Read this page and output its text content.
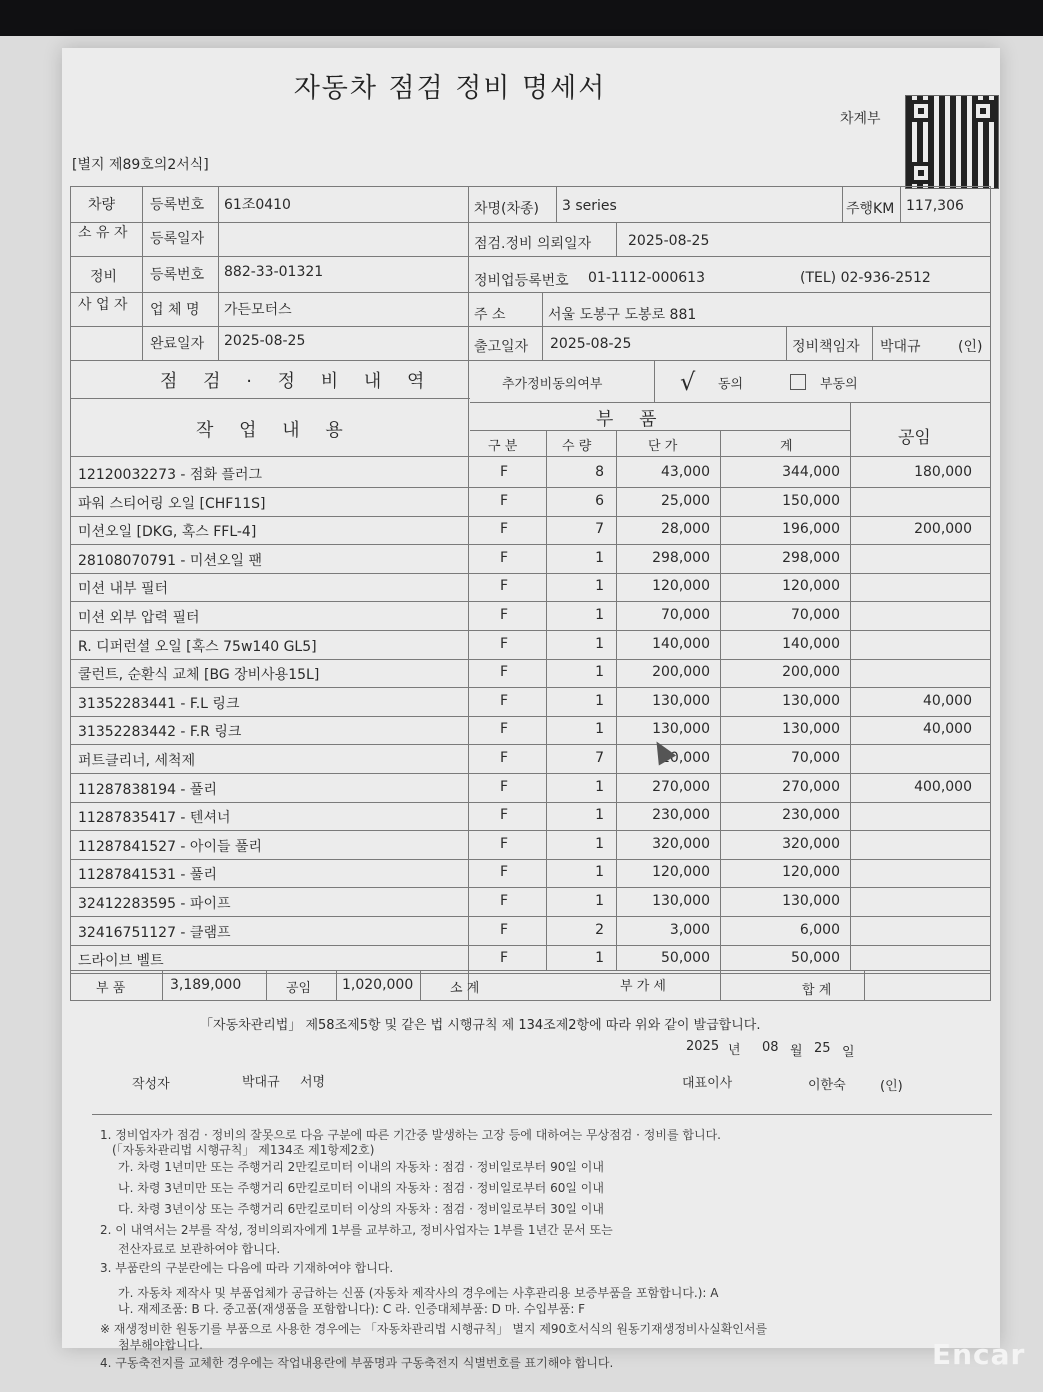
자동차 점검 정비 명세서
차계부
[별지 제89호의2서식]
차량
소 유 자
등록번호 61조0410
등록일자
차명(차종) 3 series	주행KM 117,306
점검.정비 의뢰일자	2025-08-25
정비
사 업 자
등록번호 882-33-01321
업 체 명 가든모터스
완료일자 2025-08-25
정비업등록번호 01-1112-000613	(TEL) 02-936-2512
주 소	서울 도봉구 도봉로 881
출고일자 2025-08-25	정비책임자 박대규	(인)
점 검 · 정 비 내 역	추가정비동의여부	√ 동의	부동의
작 업 내 용
부 품
공임
구 분	수 량	단 가	계
12120032273 - 점화 플러그	F	8	43,000	344,000	180,000
파워 스티어링 오일 [CHF11S]	F	6	25,000	150,000
미션오일 [DKG, 혹스 FFL-4]	F	7	28,000	196,000	200,000
28108070791 - 미션오일 팬	F	1	298,000	298,000
미션 내부 필터	F	1	120,000	120,000
미션 외부 압력 필터	F	1	70,000	70,000
R. 디퍼런셜 오일 [혹스 75w140 GL5]	F	1	140,000	140,000
쿨런트, 순환식 교체 [BG 장비사용15L]	F	1	200,000	200,000
31352283441 - F.L 링크	F	1	130,000	130,000	40,000
31352283442 - F.R 링크	F	1	130,000	130,000	40,000
퍼트클리너, 세척제	F	7	10,000	70,000
11287838194 - 풀리	F	1	270,000	270,000	400,000
11287835417 - 텐셔너	F	1	230,000	230,000
11287841527 - 아이들 풀리	F	1	320,000	320,000
11287841531 - 풀리	F	1	120,000	120,000
32412283595 - 파이프	F	1	130,000	130,000
32416751127 - 클램프	F	2	3,000	6,000
드라이브 벨트	F	1	50,000	50,000
부 품	3,189,000	공임 1,020,000	소 계	부 가 세	합 계
「자동차관리법」 제58조제5항 및 같은 법 시행규칙 제 134조제2항에 따라 위와 같이 발급합니다.
2025 년 08 월 25 일
작성자	박대규 서명	대표이사	이한숙	(인)
1. 정비업자가 점검 · 정비의 잘못으로 다음 구분에 따른 기간중 발생하는 고장 등에 대하여는 무상점검 · 정비를 합니다.
(「자동차관리법 시행규칙」 제134조 제1항제2호)
가. 차령 1년미만 또는 주행거리 2만킬로미터 이내의 자동차 : 점검 · 정비일로부터 90일 이내
나. 차령 3년미만 또는 주행거리 6만킬로미터 이내의 자동차 : 점검 · 정비일로부터 60일 이내
다. 차령 3년이상 또는 주행거리 6만킬로미터 이상의 자동차 : 점검 · 정비일로부터 30일 이내
2. 이 내역서는 2부를 작성, 정비의뢰자에게 1부를 교부하고, 정비사업자는 1부를 1년간 문서 또는
전산자료로 보관하여야 합니다.
3. 부품란의 구분란에는 다음에 따라 기재하여야 합니다.
가. 자동차 제작사 및 부품업체가 공급하는 신품 (자동차 제작사의 경우에는 사후관리용 보증부품을 포함합니다.): A
나. 재제조품: B 다. 중고품(재생품을 포함합니다): C 라. 인증대체부품: D 마. 수입부품: F
※ 재생정비한 원동기를 부품으로 사용한 경우에는 「자동차관리법 시행규칙」 별지 제90호서식의 원동기재생정비사실확인서를
첨부해야합니다.
4. 구동축전지를 교체한 경우에는 작업내용란에 부품명과 구동축전지 식별번호를 표기해야 합니다.	Encar
